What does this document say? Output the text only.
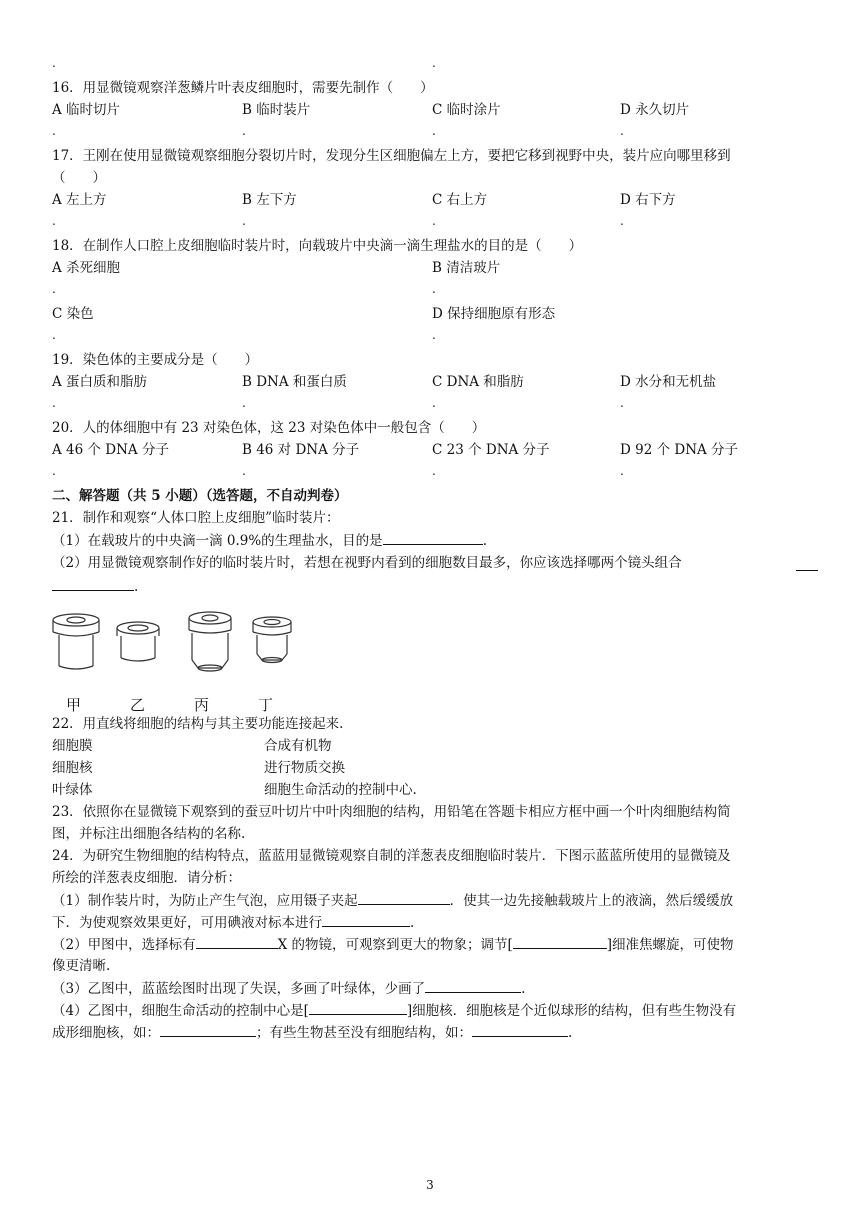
.	.
16．用显微镜观察洋葱鳞片叶表皮细胞时，需要先制作（　　）
A 临时切片	B 临时装片	C 临时涂片	D 永久切片
.	.	.	.
17．王刚在使用显微镜观察细胞分裂切片时，发现分生区细胞偏左上方，要把它移到视野中央，装片应向哪里移到
（　　）
A 左上方	B 左下方	C 右上方	D 右下方
.	.	.	.
18．在制作人口腔上皮细胞临时装片时，向载玻片中央滴一滴生理盐水的目的是（　　）
A 杀死细胞	B 清洁玻片
.	.
C 染色	D 保持细胞原有形态
.	.
19．染色体的主要成分是（　　）
A 蛋白质和脂肪	B DNA 和蛋白质	C DNA 和脂肪	D 水分和无机盐
.	.	.	.
20．人的体细胞中有 23 对染色体，这 23 对染色体中一般包含（　　）
A 46 个 DNA 分子	B 46 对 DNA 分子	C 23 个 DNA 分子	D 92 个 DNA 分子
.	.	.	.
二、解答题（共 5 小题）（选答题，不自动判卷）
21．制作和观察“人体口腔上皮细胞”临时装片：
（1）在载玻片的中央滴一滴 0.9%的生理盐水，目的是	.
（2）用显微镜观察制作好的临时装片时，若想在视野内看到的细胞数目最多，你应该选择哪两个镜头组合
.
甲	乙	丙	丁
22．用直线将细胞的结构与其主要功能连接起来.
细胞膜	合成有机物
细胞核	进行物质交换
叶绿体	细胞生命活动的控制中心.
23．依照你在显微镜下观察到的蚕豆叶切片中叶肉细胞的结构，用铅笔在答题卡相应方框中画一个叶肉细胞结构简
图，并标注出细胞各结构的名称.
24．为研究生物细胞的结构特点，蓝蓝用显微镜观察自制的洋葱表皮细胞临时装片．下图示蓝蓝所使用的显微镜及
所绘的洋葱表皮细胞．请分析：
（1）制作装片时，为防止产生气泡，应用镊子夹起	．使其一边先接触载玻片上的液滴，然后缓缓放
下．为使观察效果更好，可用碘液对标本进行	.
（2）甲图中，选择标有	X 的物镜，可观察到更大的物象；调节[	]细准焦螺旋，可使物
像更清晰.
（3）乙图中，蓝蓝绘图时出现了失误，多画了叶绿体，少画了	.
（4）乙图中，细胞生命活动的控制中心是[	]细胞核．细胞核是个近似球形的结构，但有些生物没有
成形细胞核，如：	；有些生物甚至没有细胞结构，如：	.
3
